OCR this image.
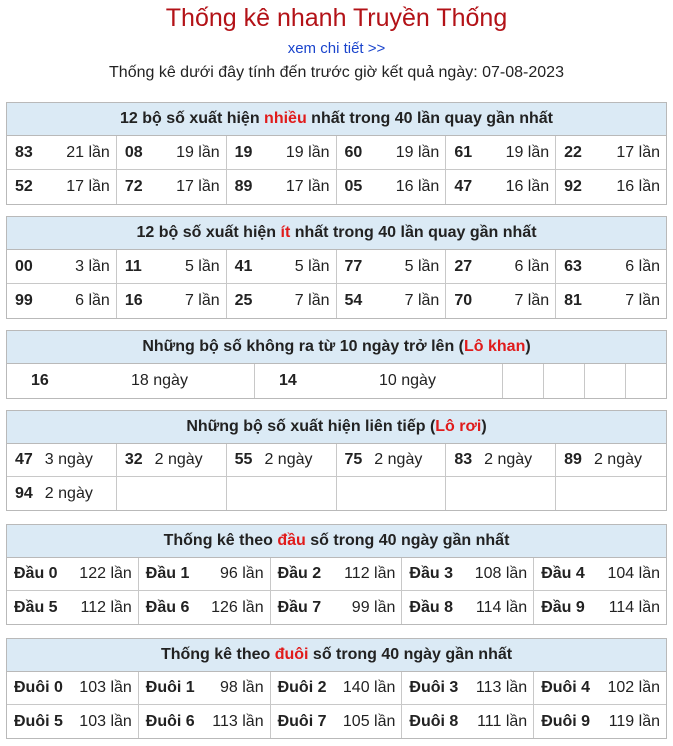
Thống kê nhanh Truyền Thống
xem chi tiết >>
Thống kê dưới đây tính đến trước giờ kết quả ngày: 07-08-2023
12 bộ số xuất hiện nhiều nhất trong 40 lần quay gần nhất
83 21 lần 08 19 lần 19 19 lần 60 19 lần 61 19 lần 22 17 lần
52 17 lần 72 17 lần 89 17 lần 05 16 lần 47 16 lần 92 16 lần
12 bộ số xuất hiện ít nhất trong 40 lần quay gần nhất
00	3 lần 11	5 lần 41	5 lần 77	5 lần 27	6 lần 63	6 lần
99	6 lần 16	7 lần 25	7 lần 54	7 lần 70	7 lần 81	7 lần
Những bộ số không ra từ 10 ngày trở lên (Lô khan)
16	18 ngày	14	10 ngày
Những bộ số xuất hiện liên tiếp (Lô rơi)
47 3 ngày 32 2 ngày 55 2 ngày 75 2 ngày 83 2 ngày 89 2 ngày
94 2 ngày
Thống kê theo đầu số trong 40 ngày gần nhất
Đầu 0 122 lần Đầu 1 96 lần Đầu 2 112 lần Đầu 3 108 lần Đầu 4 104 lần
Đầu 5 112 lần Đầu 6 126 lần Đầu 7 99 lần Đầu 8 114 lần Đầu 9 114 lần
Thống kê theo đuôi số trong 40 ngày gần nhất
Đuôi 0 103 lần Đuôi 1 98 lần Đuôi 2 140 lần Đuôi 3 113 lần Đuôi 4 102 lần
Đuôi 5 103 lần Đuôi 6 113 lần Đuôi 7 105 lần Đuôi 8 111 lần Đuôi 9 119 lần
